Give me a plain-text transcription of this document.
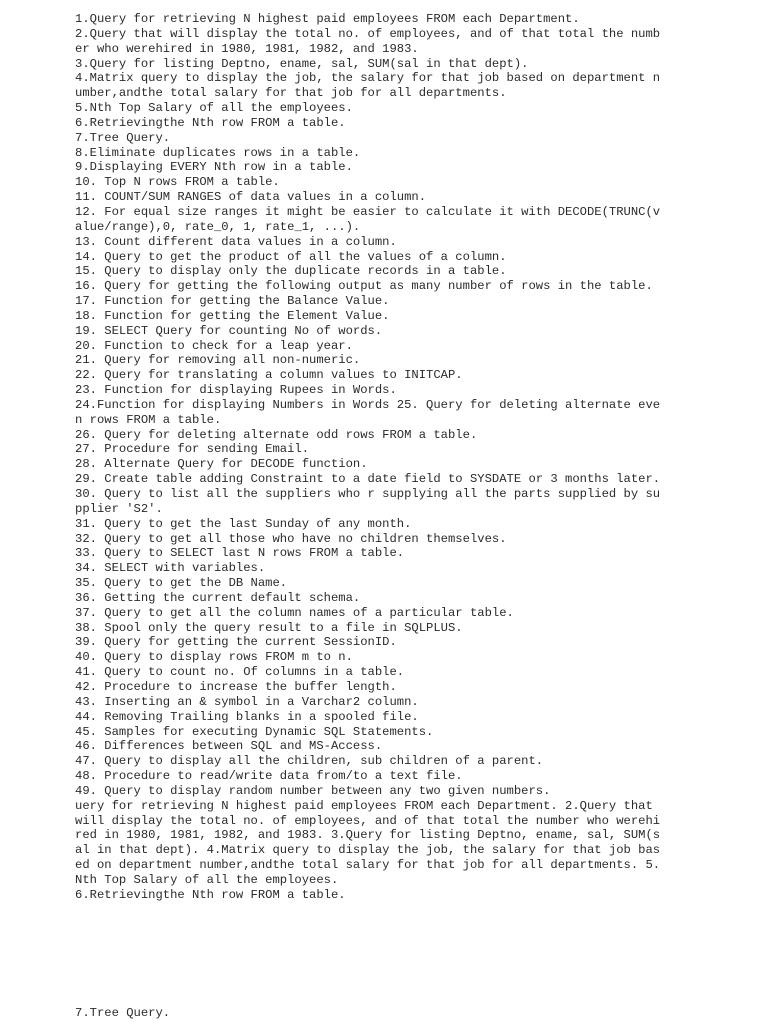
1.Query for retrieving N highest paid employees FROM each Department.
2.Query that will display the total no. of employees, and of that total the numb
er who werehired in 1980, 1981, 1982, and 1983.
3.Query for listing Deptno, ename, sal, SUM(sal in that dept).
4.Matrix query to display the job, the salary for that job based on department n
umber,andthe total salary for that job for all departments.
5.Nth Top Salary of all the employees.
6.Retrievingthe Nth row FROM a table.
7.Tree Query.
8.Eliminate duplicates rows in a table.
9.Displaying EVERY Nth row in a table.
10. Top N rows FROM a table.
11. COUNT/SUM RANGES of data values in a column.
12. For equal size ranges it might be easier to calculate it with DECODE(TRUNC(v
alue/range),0, rate_0, 1, rate_1, ...).
13. Count different data values in a column.
14. Query to get the product of all the values of a column.
15. Query to display only the duplicate records in a table.
16. Query for getting the following output as many number of rows in the table.
17. Function for getting the Balance Value.
18. Function for getting the Element Value.
19. SELECT Query for counting No of words.
20. Function to check for a leap year.
21. Query for removing all non-numeric.
22. Query for translating a column values to INITCAP.
23. Function for displaying Rupees in Words.
24.Function for displaying Numbers in Words 25. Query for deleting alternate eve
n rows FROM a table.
26. Query for deleting alternate odd rows FROM a table.
27. Procedure for sending Email.
28. Alternate Query for DECODE function.
29. Create table adding Constraint to a date field to SYSDATE or 3 months later.
30. Query to list all the suppliers who r supplying all the parts supplied by su
pplier 'S2'.
31. Query to get the last Sunday of any month.
32. Query to get all those who have no children themselves.
33. Query to SELECT last N rows FROM a table.
34. SELECT with variables.
35. Query to get the DB Name.
36. Getting the current default schema.
37. Query to get all the column names of a particular table.
38. Spool only the query result to a file in SQLPLUS.
39. Query for getting the current SessionID.
40. Query to display rows FROM m to n.
41. Query to count no. Of columns in a table.
42. Procedure to increase the buffer length.
43. Inserting an & symbol in a Varchar2 column.
44. Removing Trailing blanks in a spooled file.
45. Samples for executing Dynamic SQL Statements.
46. Differences between SQL and MS-Access.
47. Query to display all the children, sub children of a parent.
48. Procedure to read/write data from/to a text file.
49. Query to display random number between any two given numbers.
uery for retrieving N highest paid employees FROM each Department. 2.Query that
will display the total no. of employees, and of that total the number who werehi
red in 1980, 1981, 1982, and 1983. 3.Query for listing Deptno, ename, sal, SUM(s
al in that dept). 4.Matrix query to display the job, the salary for that job bas
ed on department number,andthe total salary for that job for all departments. 5.
Nth Top Salary of all the employees.
6.Retrievingthe Nth row FROM a table.
7.Tree Query.
